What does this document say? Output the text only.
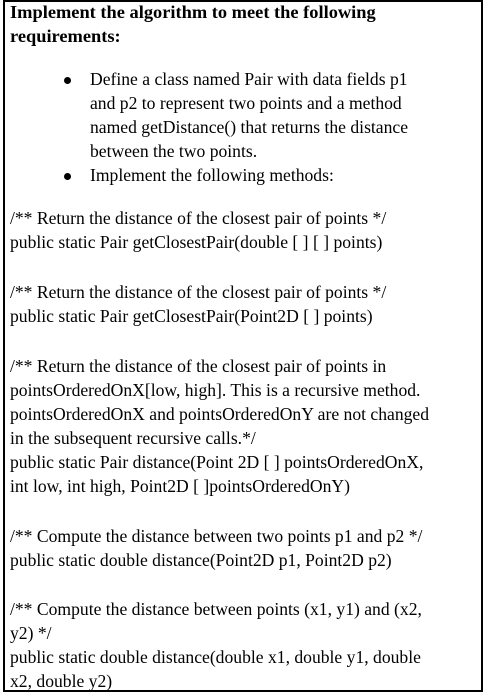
Implement the algorithm to meet the following
requirements:
Define a class named Pair with data fields p1
and p2 to represent two points and a method
named getDistance() that returns the distance
between the two points.
Implement the following methods:
/** Return the distance of the closest pair of points */
public static Pair getClosestPair(double [ ] [ ] points)
/** Return the distance of the closest pair of points */
public static Pair getClosestPair(Point2D [ ] points)
/** Return the distance of the closest pair of points in
pointsOrderedOnX[low, high]. This is a recursive method.
pointsOrderedOnX and pointsOrderedOnY are not changed
in the subsequent recursive calls.*/
public static Pair distance(Point 2D [ ] pointsOrderedOnX,
int low, int high, Point2D [ ]pointsOrderedOnY)
/** Compute the distance between two points p1 and p2 */
public static double distance(Point2D p1, Point2D p2)
/** Compute the distance between points (x1, y1) and (x2,
y2) */
public static double distance(double x1, double y1, double
x2, double y2)
